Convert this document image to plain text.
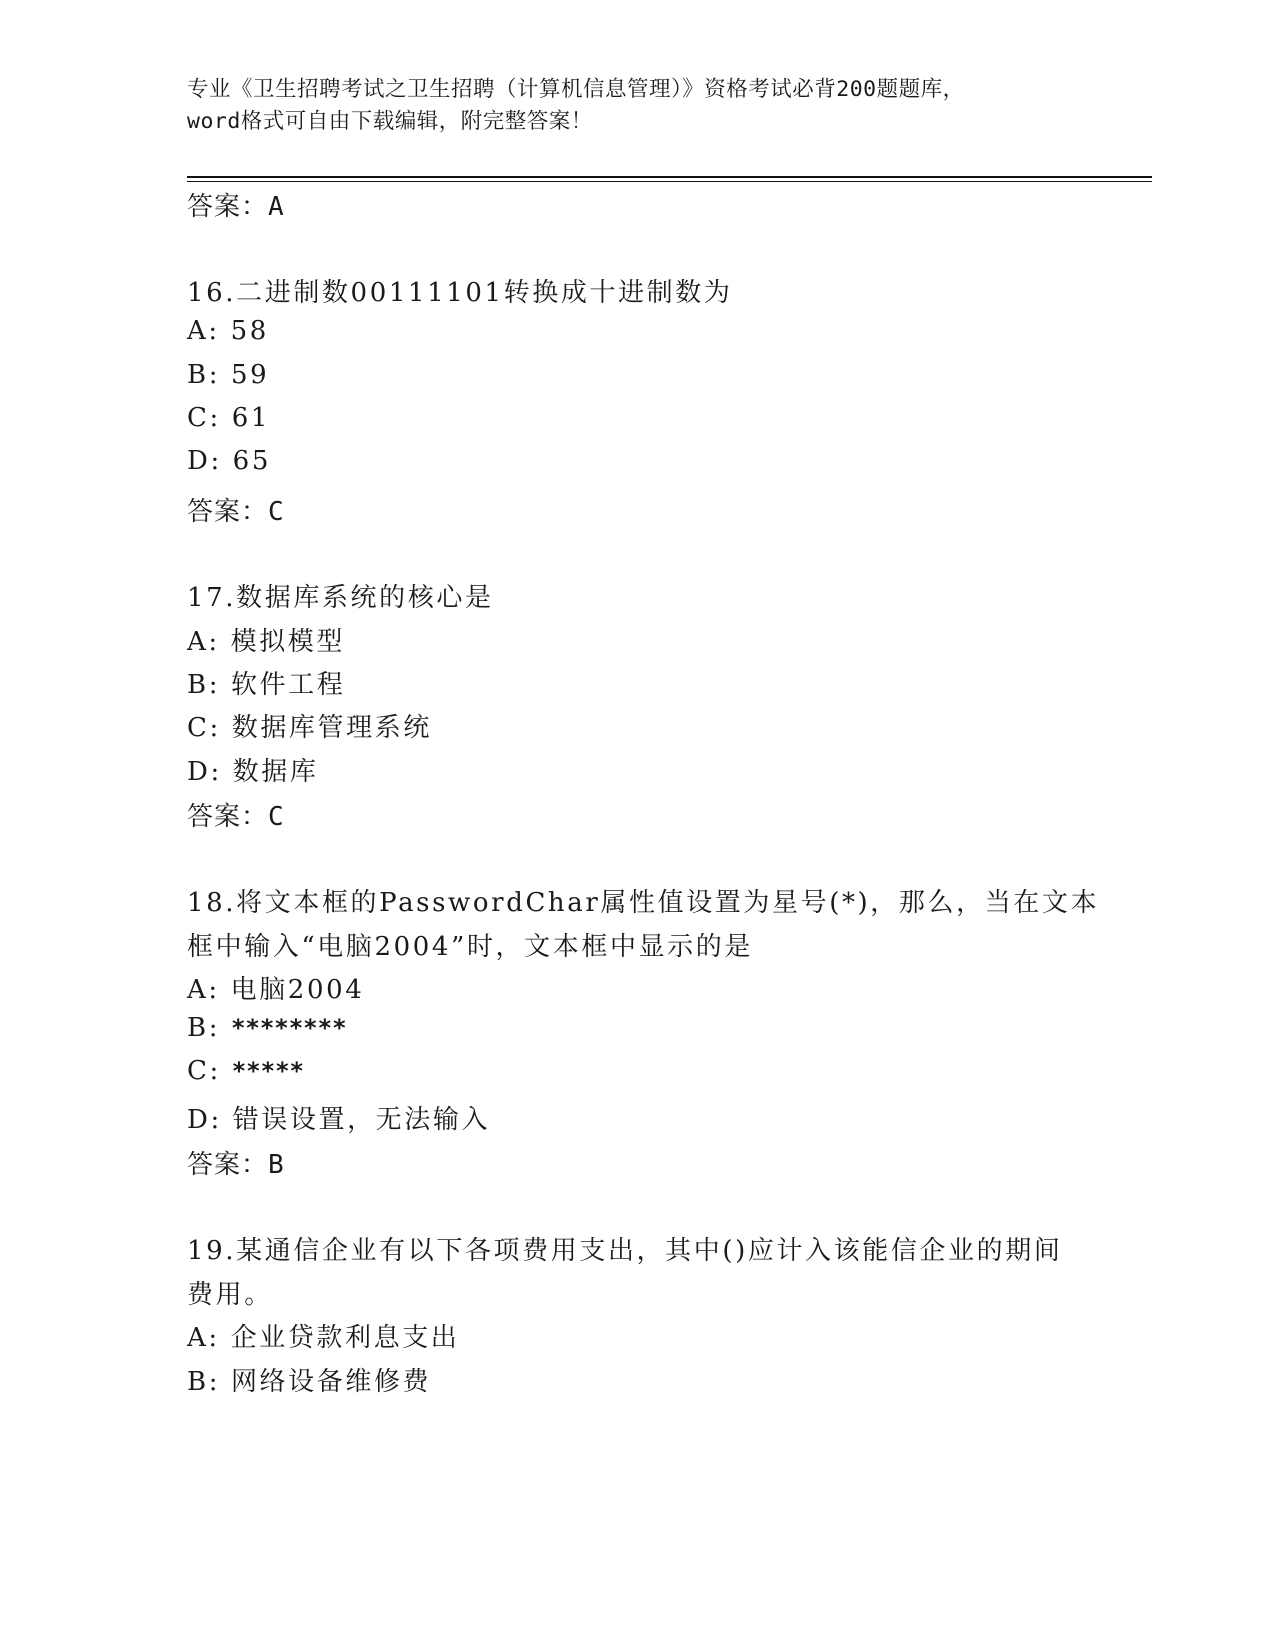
专业《卫生招聘考试之卫生招聘（计算机信息管理）》资格考试必背200题题库，
word格式可自由下载编辑，附完整答案！
答案：A
16.二进制数00111101转换成十进制数为
A: 58
B: 59
C: 61
D: 65
答案：C
17.数据库系统的核心是
A: 模拟模型
B: 软件工程
C: 数据库管理系统
D: 数据库
答案：C
18.将文本框的PasswordChar属性值设置为星号(*)，那么，当在文本
框中输入“电脑2004”时，文本框中显示的是
A: 电脑2004
B: ********
C: *****
D: 错误设置，无法输入
答案：B
19.某通信企业有以下各项费用支出，其中()应计入该能信企业的期间
费用。
A: 企业贷款利息支出
B: 网络设备维修费
